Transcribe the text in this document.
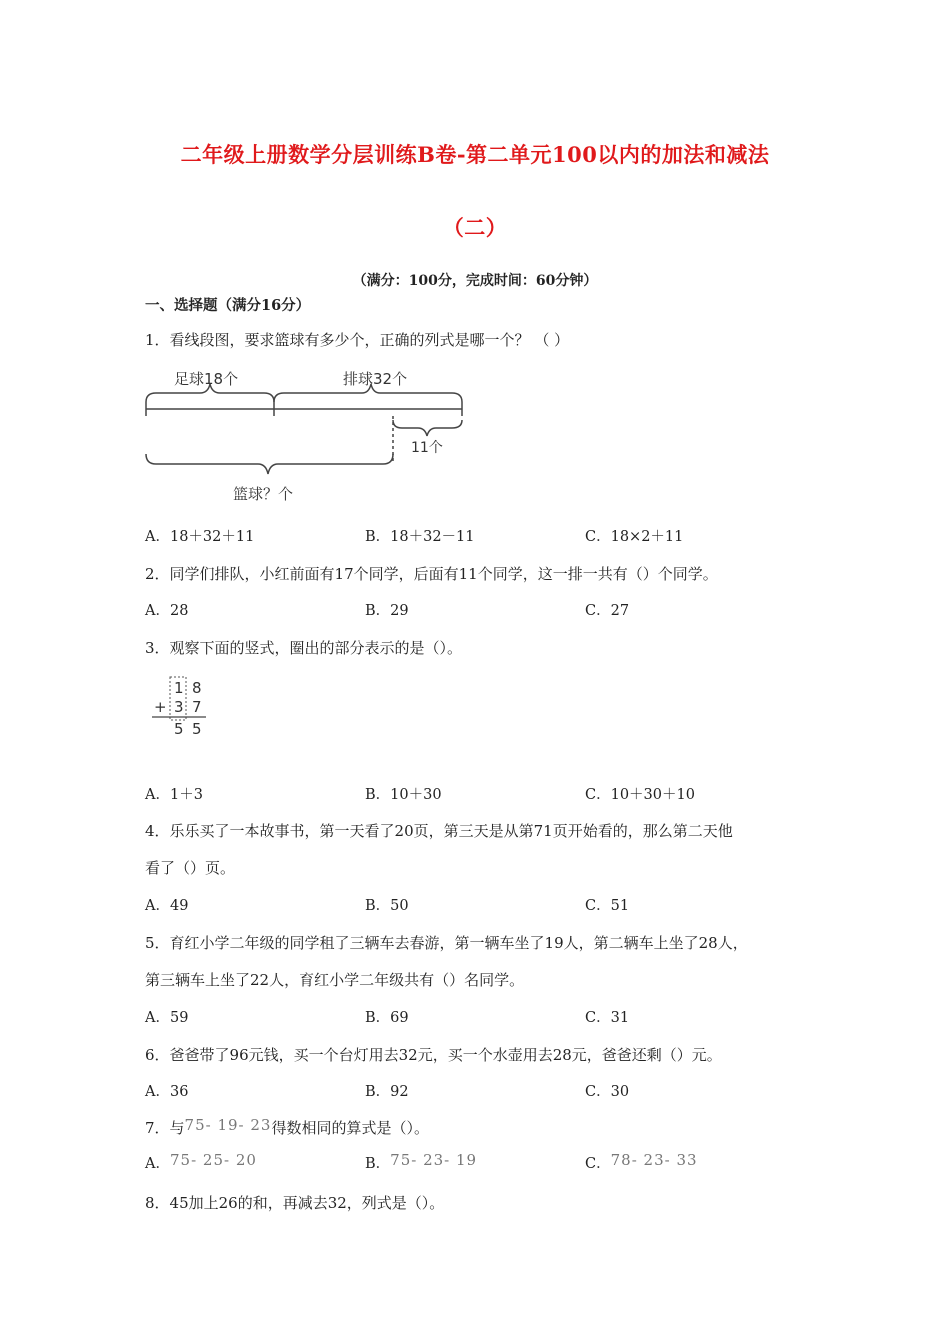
二年级上册数学分层训练B卷-第二单元100以内的加法和减法
（二）
（满分：100分，完成时间：60分钟）
一、选择题（满分16分）
1．看线段图，要求篮球有多少个，正确的列式是哪一个？ （ ）
足球18个	排球32个
11个
篮球？个
A．18＋32＋11	B．18＋32－11	C．18×2＋11
2．同学们排队，小红前面有17个同学，后面有11个同学，这一排一共有（）个同学。
A．28	B．29	C．27
3．观察下面的竖式，圈出的部分表示的是（）。
1 8
+ 3 7
5 5
A．1＋3	B．10＋30	C．10＋30＋10
4．乐乐买了一本故事书，第一天看了20页，第三天是从第71页开始看的，那么第二天他
看了（）页。
A．49	B．50	C．51
5．育红小学二年级的同学租了三辆车去春游，第一辆车坐了19人，第二辆车上坐了28人，
第三辆车上坐了22人，育红小学二年级共有（）名同学。
A．59	B．69	C．31
6．爸爸带了96元钱，买一个台灯用去32元，买一个水壶用去28元，爸爸还剩（）元。
A．36	B．92	C．30
7．与75- 19- 23得数相同的算式是（）。
A．75- 25- 20	B．75- 23- 19	C．78- 23- 33
8．45加上26的和，再减去32，列式是（）。
